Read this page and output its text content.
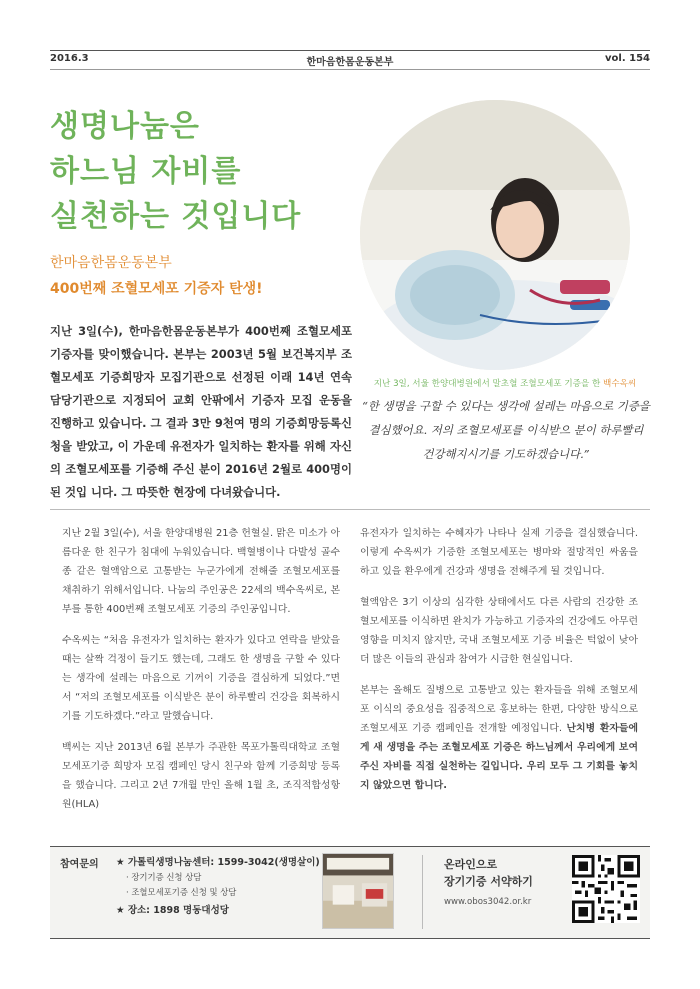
2016.3	한마음한몸운동본부	vol. 154
생명나눔은
하느님 자비를
실천하는 것입니다
한마음한몸운동본부
400번째 조혈모세포 기증자 탄생!
지난 3일(수), 한마음한몸운동본부가 400번째 조혈모세포 기증자를 맞이했습니다. 본부는 2003년 5월 보건복지부 조혈모세포 기증희망자 모집기관으로 선정된 이래 14년 연속 담당기관으로 지정되어 교회 안팎에서 기증자 모집 운동을 진행하고 있습니다. 그 결과 3만 9천여 명의 기증희망등록신청을 받았고, 이 가운데 유전자가 일치하는 환자를 위해 자신의 조혈모세포를 기증해 주신 분이 2016년 2월로 400명이 된 것입 니다. 그 따뜻한 현장에 다녀왔습니다.
지난 3일, 서울 한양대병원에서 말초혈 조혈모세포 기증을 한 백수옥씨
“한 생명을 구할 수 있다는 생각에 설레는 마음으로 기증을 결심했어요. 저의 조혈모세포를 이식받으 분이 하루빨리 건강해지시기를 기도하겠습니다.”

지난 2월 3일(수), 서울 한양대병원 21층 헌혈실. 맑은 미소가 아름다운 한 친구가 침대에 누워있습니다. 백혈병이나 다발성 골수종 같은 혈액암으로 고통받는 누군가에게 전해줄 조혈모세포를 채취하기 위해서입니다. 나눔의 주인공은 22세의 백수옥씨로, 본부를 통한 400번째 조혈모세포 기증의 주인공입니다.

수옥씨는 “처음 유전자가 일치하는 환자가 있다고 연락을 받았을 때는 살짝 걱정이 들기도 했는데, 그래도 한 생명을 구할 수 있다는 생각에 설레는 마음으로 기꺼이 기증을 결심하게 되었다.”면서 “저의 조혈모세포를 이식받은 분이 하루빨리 건강을 회복하시기를 기도하겠다.”라고 말했습니다.

백씨는 지난 2013년 6월 본부가 주관한 목포가톨릭대학교 조혈모세포기증 희망자 모집 캠페인 당시 친구와 함께 기증희망 등록을 했습니다. 그리고 2년 7개월 만인 올해 1월 초, 조직적합성항원(HLA)

유전자가 일치하는 수혜자가 나타나 실제 기증을 결심했습니다. 이렇게 수옥씨가 기증한 조혈모세포는 병마와 절망적인 싸움을 하고 있을 환우에게 건강과 생명을 전해주게 될 것입니다.

혈액암은 3기 이상의 심각한 상태에서도 다른 사람의 건강한 조혈모세포를 이식하면 완치가 가능하고 기증자의 건강에도 아무런 영향을 미치지 않지만, 국내 조혈모세포 기증 비율은 턱없이 낮아 더 많은 이들의 관심과 참여가 시급한 현실입니다.

본부는 올해도 질병으로 고통받고 있는 환자들을 위해 조혈모세포 이식의 중요성을 집중적으로 홍보하는 한편, 다양한 방식으로 조혈모세포 기증 캠페인을 전개할 예정입니다. 난치병 환자들에게 새 생명을 주는 조혈모세포 기증은 하느님께서 우리에게 보여주신 자비를 직접 실천하는 길입니다. 우리 모두 그 기회를 놓치지 않았으면 합니다.

참여문의 ★ 가톨릭생명나눔센터: 1599-3042(생명살이)
· 장기기증 신청 상담
· 조혈모세포기증 신청 및 상담
★ 장소: 1898 명동대성당
온라인으로
장기기증 서약하기
www.obos3042.or.kr
